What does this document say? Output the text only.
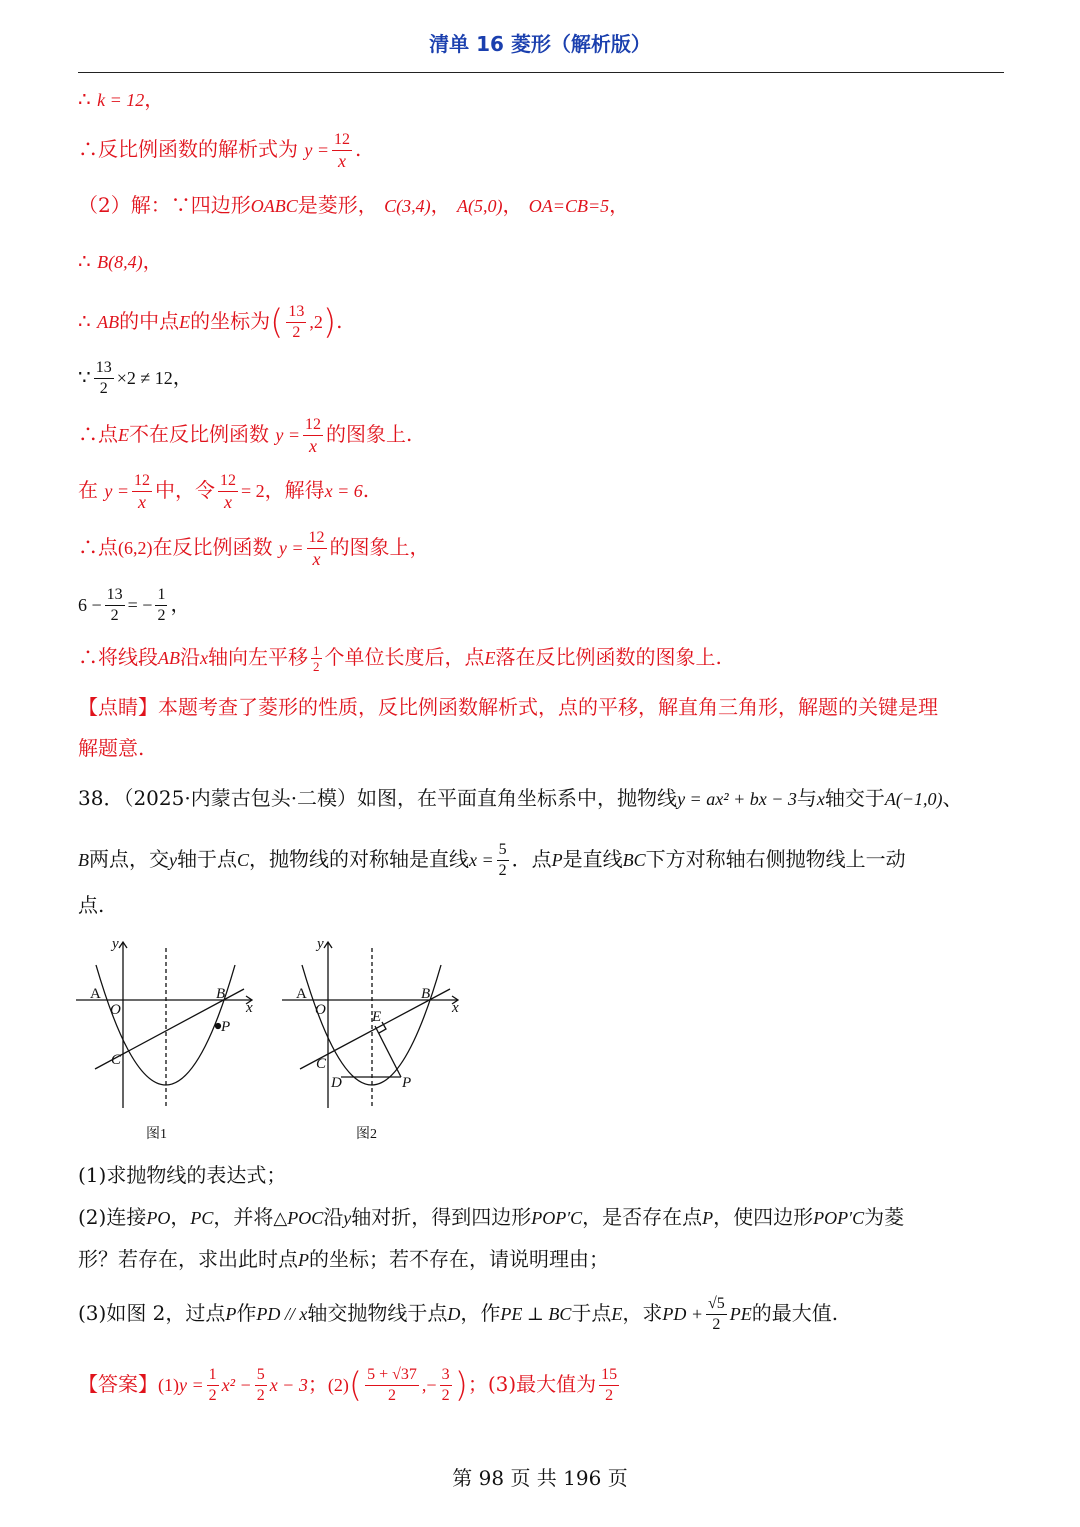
清单 16 菱形（解析版）
∴ k = 12，
∴反比例函数的解析式为 $y = \frac{12}{x}$ .
（2）解：∵四边形OABC是菱形， C(3,4)， A(5,0)， OA=CB=5，
∴ B(8,4)，
∴ AB的中点E的坐标为( $\frac{13}{2} ,2$).
∵ $\frac{13}{2} \times 2 \ne 12$，
∴点E不在反比例函数 $y = \frac{12}{x}$ 的图象上.
在 $y = \frac{12}{x}$ 中，令 $\frac{12}{x} = 2$，解得x = 6.
∴点(6,2)在反比例函数 $y = \frac{12}{x}$ 的图象上，
$6 - \frac{13}{2}$ = − $\frac{1}{2}$ ，
∴将线段AB沿x轴向左平移 $\frac{1}{2}$ 个单位长度后，点E落在反比例函数的图象上.
【点睛】本题考查了菱形的性质，反比例函数解析式，点的平移，解直角三角形，解题的关键是理
解题意.
38．（2025·内蒙古包头·二模）如图，在平面直角坐标系中，抛物线y = ax² + bx − 3与x轴交于A(−1,0)、
B两点，交y轴于点C，抛物线的对称轴是直线$x = \frac{5}{2}$ ．点P是直线BC下方对称轴右侧抛物线上一动
点.
A
O
B
C
P
x
y
图1
A
O
B
C
D
E
P
x
y
图2
(1)求抛物线的表达式；
(2)连接PO，PC，并将△POC沿y轴对折，得到四边形POP′C，是否存在点P，使四边形POP′C为菱
形？若存在，求出此时点P的坐标；若不存在，请说明理由；
(3)如图 2，过点P作PD // x轴交抛物线于点D，作PE ⊥ BC于点E，求PD + $\frac{√5}{2}$ PE的最大值.
【答案】$(1)y = \frac{1}{2} x^2 - \frac{5}{2}$ x − 3；$(2)( \frac{5 + √37}{2}$ ,− $\frac{3}{2}$ )；(3)最大值为 $\frac{15}{2}$
第 98 页 共 196 页
